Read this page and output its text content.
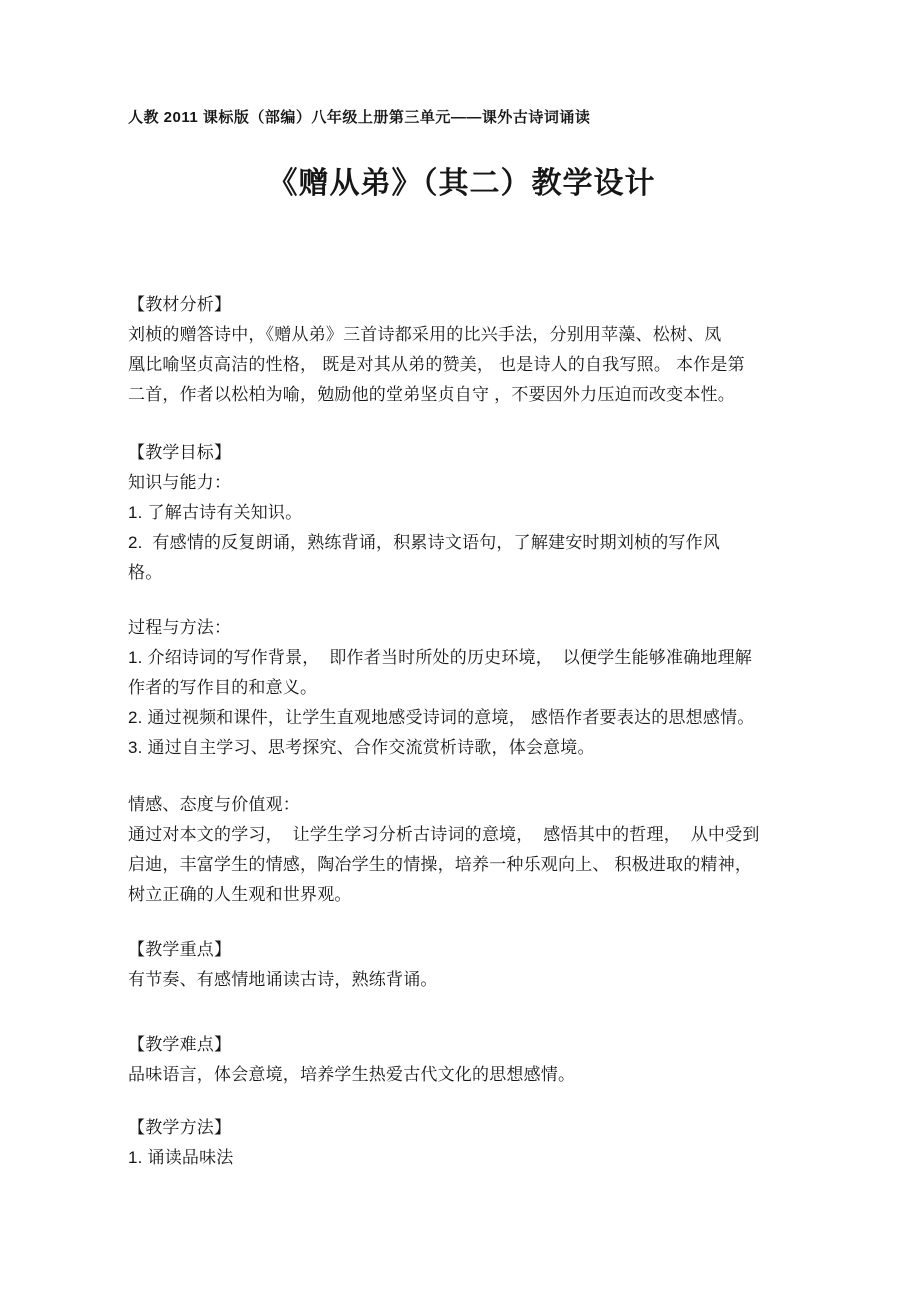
人教 2011 课标版（部编）八年级上册第三单元——课外古诗词诵读
《赠从弟》（其二）教学设计
【教材分析】
刘桢的赠答诗中，《赠从弟》三首诗都采用的比兴手法，分别用苹藻、松树、凤
凰比喻坚贞高洁的性格， 既是对其从弟的赞美， 也是诗人的自我写照。 本作是第
二首，作者以松柏为喻，勉励他的堂弟坚贞自守 ，不要因外力压迫而改变本性。
【教学目标】
知识与能力：
1. 了解古诗有关知识。
2.  有感情的反复朗诵，熟练背诵，积累诗文语句，了解建安时期刘桢的写作风
格。
过程与方法：
1. 介绍诗词的写作背景，  即作者当时所处的历史环境，  以便学生能够准确地理解
作者的写作目的和意义。
2. 通过视频和课件，让学生直观地感受诗词的意境， 感悟作者要表达的思想感情。
3. 通过自主学习、思考探究、合作交流赏析诗歌，体会意境。
情感、态度与价值观：
通过对本文的学习，  让学生学习分析古诗词的意境，  感悟其中的哲理，  从中受到
启迪，丰富学生的情感，陶冶学生的情操，培养一种乐观向上、 积极进取的精神，
树立正确的人生观和世界观。
【教学重点】
有节奏、有感情地诵读古诗，熟练背诵。
【教学难点】
品味语言，体会意境，培养学生热爱古代文化的思想感情。
【教学方法】
1. 诵读品味法
